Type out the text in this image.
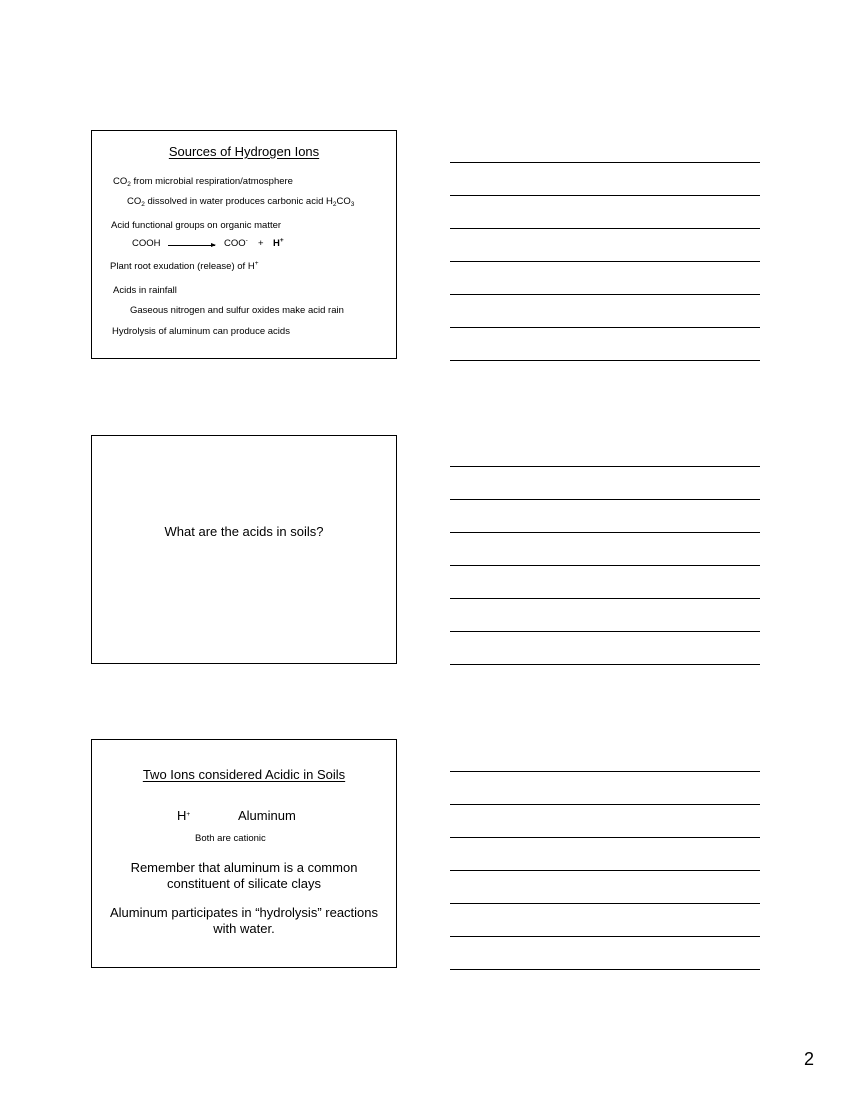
Sources of Hydrogen Ions
$CO_2$ from microbial respiration/atmosphere
$CO_2$ dissolved in water produces carbonic acid $H_2CO_3$
Acid functional groups on organic matter
COOH → COO- + H+
Plant root exudation (release) of H+
Acids in rainfall
Gaseous nitrogen and sulfur oxides make acid rain
Hydrolysis of aluminum can produce acids
What are the acids in soils?
Two Ions considered Acidic in Soils
H+	Aluminum
Both are cationic
Remember that aluminum is a common constituent of silicate clays
Aluminum participates in “hydrolysis” reactions with water.
2
